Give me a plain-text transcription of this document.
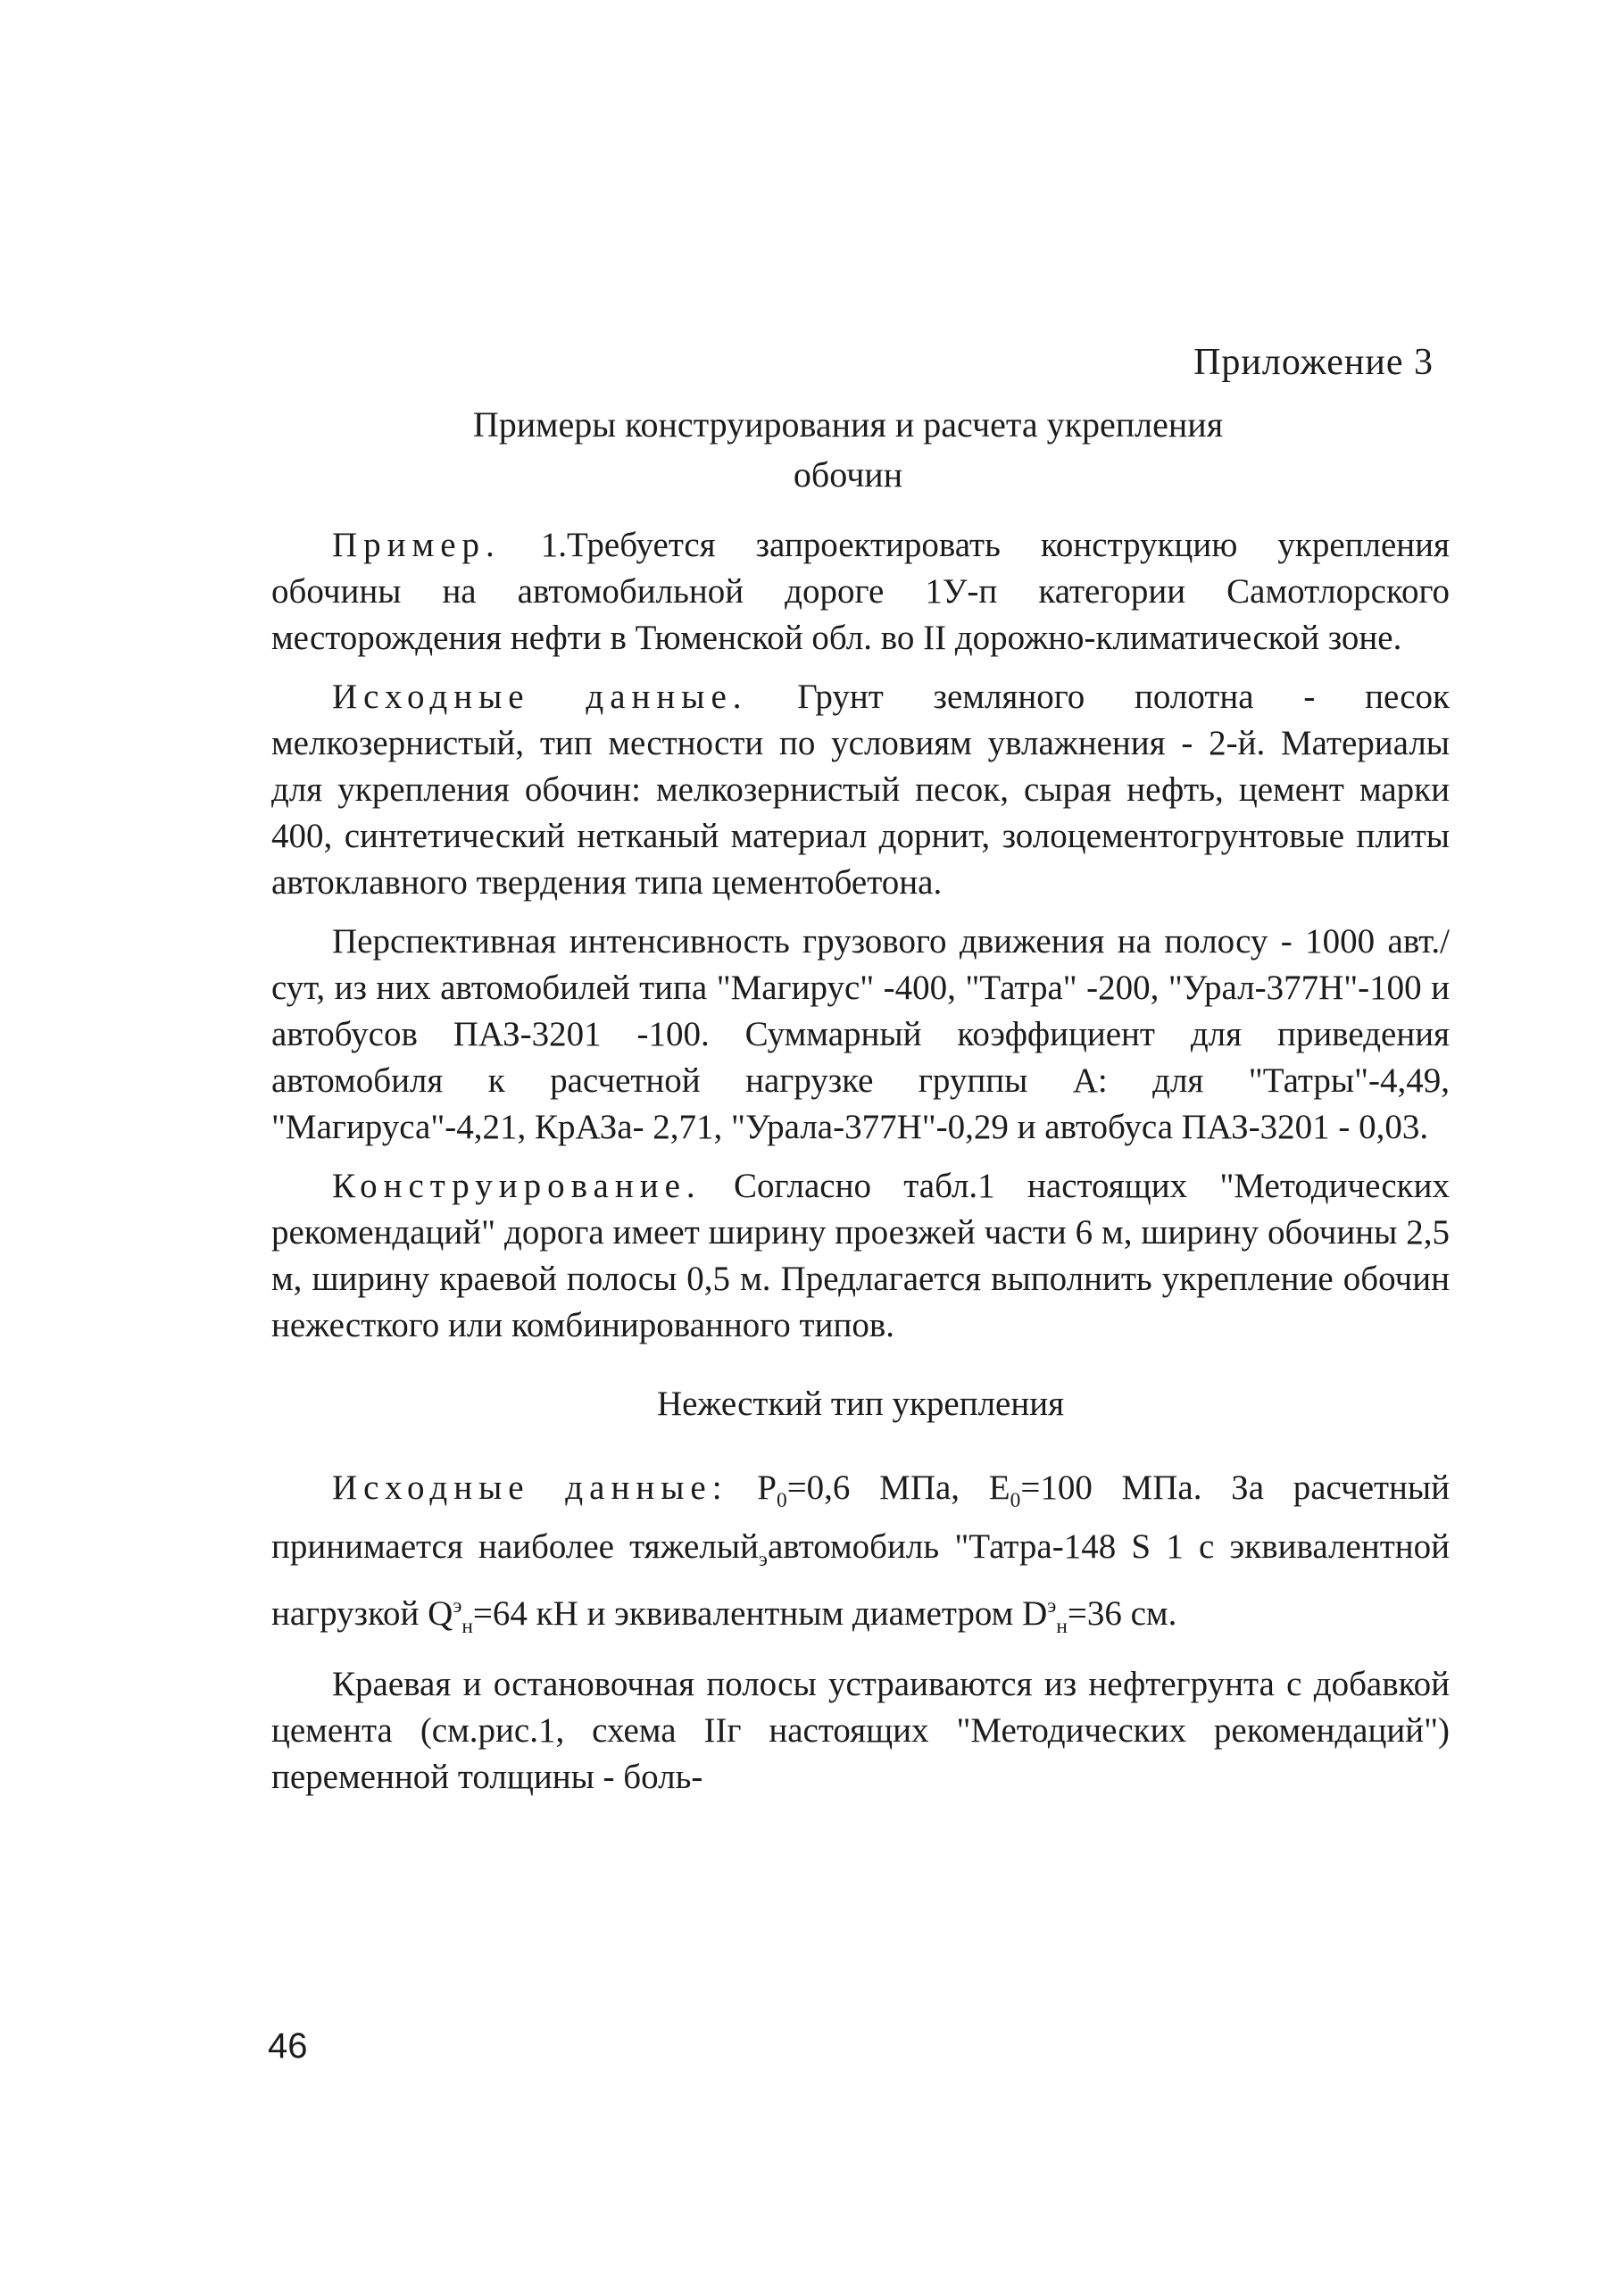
Приложение 3
Примеры конструирования и расчета укрепления
обочин

Пример. 1.Требуется запроектировать конструкцию укрепления обочины на автомобильной дороге 1У-п категории Самотлорского месторождения нефти в Тюменской обл. во II дорожно-климатической зоне.

Исходные данные. Грунт земляного полотна - песок мелкозернистый, тип местности по условиям увлажнения - 2-й. Материалы для укрепления обочин: мелкозернистый песок, сырая нефть, цемент марки 400, синтетический нетканый материал дорнит, золоцементогрунтовые плиты автоклавного твердения типа цементобетона.

Перспективная интенсивность грузового движения на полосу - 1000 авт./сут, из них автомобилей типа "Магирус" -400, "Татра" -200, "Урал-377Н"-100 и автобусов ПАЗ-3201 -100. Суммарный коэффициент для приведения автомобиля к расчетной нагрузке группы А: для "Татры"-4,49, "Магируса"-4,21, КрАЗа- 2,71, "Урала-377Н"-0,29 и автобуса ПАЗ-3201 - 0,03.

Конструирование. Согласно табл.1 настоящих "Методических рекомендаций" дорога имеет ширину проезжей части 6 м, ширину обочины 2,5 м, ширину краевой полосы 0,5 м. Предлагается выполнить укрепление обочин нежесткого или комбинированного типов.

Нежесткий тип укрепления

Исходные данные: $P_0=0,6$ МПа, $E_0=100$ МПа. За расчетный принимается наиболее тяжелый$_э$автомобиль "Татра-148 S 1 с эквивалентной нагрузкой $Q^э_н=64$ кН и эквивалентным диаметром $D^э_н=36$ см.

Краевая и остановочная полосы устраиваются из нефтегрунта с добавкой цемента (см.рис.1, схема IIг настоящих "Методических рекомендаций") переменной толщины - боль-

46
